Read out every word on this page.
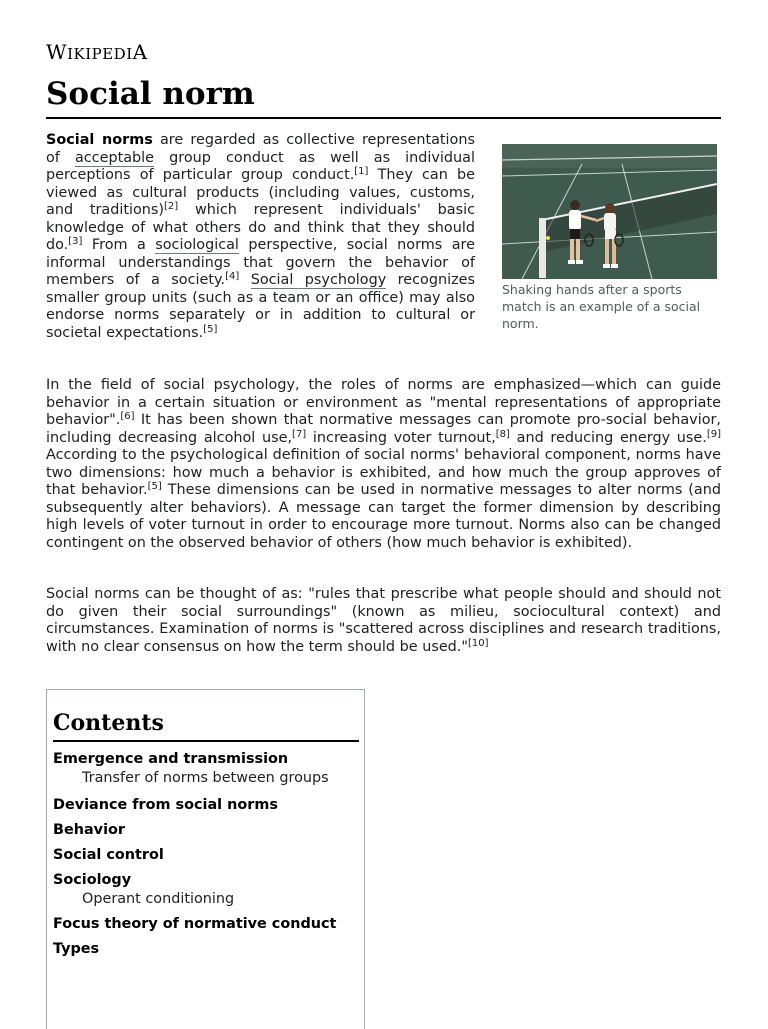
WIKIPEDIA
Social norm

Social norms are regarded as collective representations of acceptable group conduct as well as individual perceptions of particular group conduct.[1] They can be viewed as cultural products (including values, customs, and traditions)[2] which represent individuals' basic knowledge of what others do and think that they should do.[3] From a sociological perspective, social norms are informal understandings that govern the behavior of members of a society.[4] Social psychology recognizes smaller group units (such as a team or an office) may also endorse norms separately or in addition to cultural or societal expectations.[5]

Shaking hands after a sports match is an example of a social norm.

In the field of social psychology, the roles of norms are emphasized—which can guide behavior in a certain situation or environment as "mental representations of appropriate behavior".[6] It has been shown that normative messages can promote pro-social behavior, including decreasing alcohol use,[7] increasing voter turnout,[8] and reducing energy use.[9] According to the psychological definition of social norms' behavioral component, norms have two dimensions: how much a behavior is exhibited, and how much the group approves of that behavior.[5] These dimensions can be used in normative messages to alter norms (and subsequently alter behaviors). A message can target the former dimension by describing high levels of voter turnout in order to encourage more turnout. Norms also can be changed contingent on the observed behavior of others (how much behavior is exhibited).

Social norms can be thought of as: "rules that prescribe what people should and should not do given their social surroundings" (known as milieu, sociocultural context) and circumstances. Examination of norms is "scattered across disciplines and research traditions, with no clear consensus on how the term should be used."[10]

Contents
Emergence and transmission
Transfer of norms between groups
Deviance from social norms
Behavior
Social control
Sociology
Operant conditioning
Focus theory of normative conduct
Types
